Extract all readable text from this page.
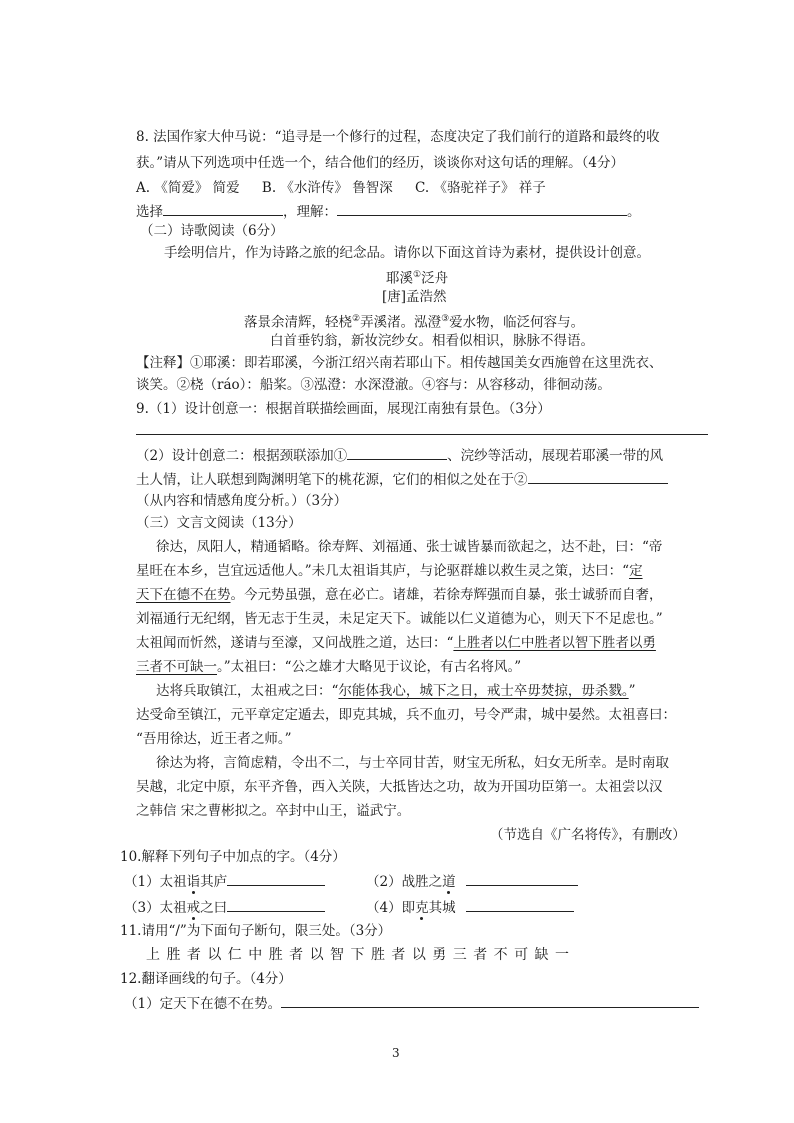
8. 法国作家大仲马说：“追寻是一个修行的过程，态度决定了我们前行的道路和最终的收
获。”请从下列选项中任选一个，结合他们的经历，谈谈你对这句话的理解。（4分）
A. 《简爱》 简爱 B. 《水浒传》 鲁智深 C. 《骆驼祥子》 祥子
选择	，理解：	。
（二）诗歌阅读（6分）
手绘明信片，作为诗路之旅的纪念品。请你以下面这首诗为素材，提供设计创意。
耶溪①泛舟
[唐]孟浩然
落景余清辉，轻桡②弄溪渚。泓澄③爱水物，临泛何容与。
白首垂钓翁，新妆浣纱女。相看似相识，脉脉不得语。
【注释】①耶溪：即若耶溪，今浙江绍兴南若耶山下。相传越国美女西施曾在这里洗衣、
谈笑。②桡（ráo）：船桨。③泓澄：水深澄澈。④容与：从容移动，徘徊动荡。
9.（1）设计创意一：根据首联描绘画面，展现江南独有景色。（3分）
（2）设计创意二：根据颈联添加①	、浣纱等活动，展现若耶溪一带的风
土人情，让人联想到陶渊明笔下的桃花源，它们的相似之处在于②
（从内容和情感角度分析。）（3分）
（三）文言文阅读（13分）
徐达，凤阳人，精通韬略。徐寿辉、刘福通、张士诚皆暴而欲起之，达不赴，曰：“帝
星旺在本乡，岂宜远适他人。”未几太祖诣其庐，与论驱群雄以救生灵之策，达曰：“定
天下在德不在势。今元势虽强，意在必亡。诸雄，若徐寿辉强而自暴，张士诚骄而自奢，
刘福通行无纪纲，皆无志于生灵，未足定天下。诚能以仁义道德为心，则天下不足虑也。”
太祖闻而忻然，遂请与至濠，又问战胜之道，达曰：“上胜者以仁中胜者以智下胜者以勇
三者不可缺一。”太祖曰：“公之雄才大略见于议论，有古名将风。”
达将兵取镇江，太祖戒之曰：“尔能体我心，城下之日，戒士卒毋焚掠，毋杀戮。”
达受命至镇江，元平章定定遁去，即克其城，兵不血刃，号令严肃，城中晏然。太祖喜曰：
“吾用徐达，近王者之师。”
徐达为将，言简虑精，令出不二，与士卒同甘苦，财宝无所私，妇女无所幸。是时南取
吴越，北定中原，东平齐鲁，西入关陕，大抵皆达之功，故为开国功臣第一。太祖尝以汉
之韩信 宋之曹彬拟之。卒封中山王，谥武宁。
（节选自《广名将传》，有删改）
10.解释下列句子中加点的字。（4分）
（1）太祖诣其庐	（2）战胜之道
（3）太祖戒之曰	（4）即克其城
11.请用“/”为下面句子断句，限三处。（3分）
上 胜 者 以 仁 中 胜 者 以 智 下 胜 者 以 勇 三 者 不 可 缺 一
12.翻译画线的句子。（4分）
（1）定天下在德不在势。
3
